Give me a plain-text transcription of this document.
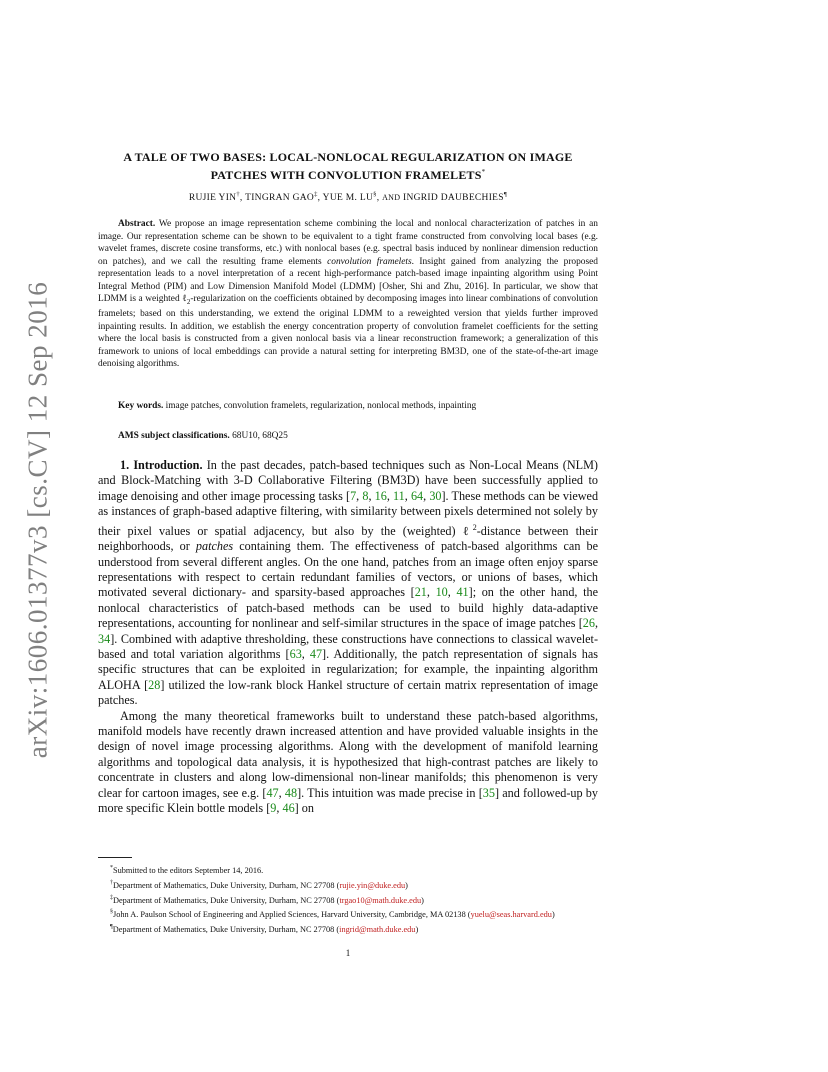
arXiv:1606.01377v3 [cs.CV] 12 Sep 2016
A TALE OF TWO BASES: LOCAL-NONLOCAL REGULARIZATION ON IMAGE
PATCHES WITH CONVOLUTION FRAMELETS*
RUJIE YIN†, TINGRAN GAO‡, YUE M. LU§, AND INGRID DAUBECHIES¶
Abstract. We propose an image representation scheme combining the local and nonlocal characterization of patches in an image. Our representation scheme can be shown to be equivalent to a tight frame constructed from convolving local bases (e.g. wavelet frames, discrete cosine transforms, etc.) with nonlocal bases (e.g. spectral basis induced by nonlinear dimension reduction on patches), and we call the resulting frame elements convolution framelets. Insight gained from analyzing the proposed representation leads to a novel interpretation of a recent high-performance patch-based image inpainting algorithm using Point Integral Method (PIM) and Low Dimension Manifold Model (LDMM) [Osher, Shi and Zhu, 2016]. In particular, we show that LDMM is a weighted ℓ$_2$-regularization on the coefficients obtained by decomposing images into linear combinations of convolution framelets; based on this understanding, we extend the original LDMM to a reweighted version that yields further improved inpainting results. In addition, we establish the energy concentration property of convolution framelet coefficients for the setting where the local basis is constructed from a given nonlocal basis via a linear reconstruction framework; a generalization of this framework to unions of local embeddings can provide a natural setting for interpreting BM3D, one of the state-of-the-art image denoising algorithms.
Key words. image patches, convolution framelets, regularization, nonlocal methods, inpainting
AMS subject classifications. 68U10, 68Q25

1. Introduction. In the past decades, patch-based techniques such as Non-Local Means (NLM) and Block-Matching with 3-D Collaborative Filtering (BM3D) have been successfully applied to image denoising and other image processing tasks [7, 8, 16, 11, 64, 30]. These methods can be viewed as instances of graph-based adaptive filtering, with similarity between pixels determined not solely by their pixel values or spatial adjacency, but also by the (weighted) ℓ$^2$-distance between their neighborhoods, or patches containing them. The effectiveness of patch-based algorithms can be understood from several different angles. On the one hand, patches from an image often enjoy sparse representations with respect to certain redundant families of vectors, or unions of bases, which motivated several dictionary- and sparsity-based approaches [21, 10, 41]; on the other hand, the nonlocal characteristics of patch-based methods can be used to build highly data-adaptive representations, accounting for nonlinear and self-similar structures in the space of image patches [26, 34]. Combined with adaptive thresholding, these constructions have connections to classical wavelet-based and total variation algorithms [63, 47]. Additionally, the patch representation of signals has specific structures that can be exploited in regularization; for example, the inpainting algorithm ALOHA [28] utilized the low-rank block Hankel structure of certain matrix representation of image patches.

Among the many theoretical frameworks built to understand these patch-based algorithms, manifold models have recently drawn increased attention and have provided valuable insights in the design of novel image processing algorithms. Along with the development of manifold learning algorithms and topological data analysis, it is hypothesized that high-contrast patches are likely to concentrate in clusters and along low-dimensional non-linear manifolds; this phenomenon is very clear for cartoon images, see e.g. [47, 48]. This intuition was made precise in [35] and followed-up by more specific Klein bottle models [9, 46] on

*Submitted to the editors September 14, 2016.
†Department of Mathematics, Duke University, Durham, NC 27708 (rujie.yin@duke.edu)
‡Department of Mathematics, Duke University, Durham, NC 27708 (trgao10@math.duke.edu)
§John A. Paulson School of Engineering and Applied Sciences, Harvard University, Cambridge, MA 02138 (yuelu@seas.harvard.edu)
¶Department of Mathematics, Duke University, Durham, NC 27708 (ingrid@math.duke.edu)
1
